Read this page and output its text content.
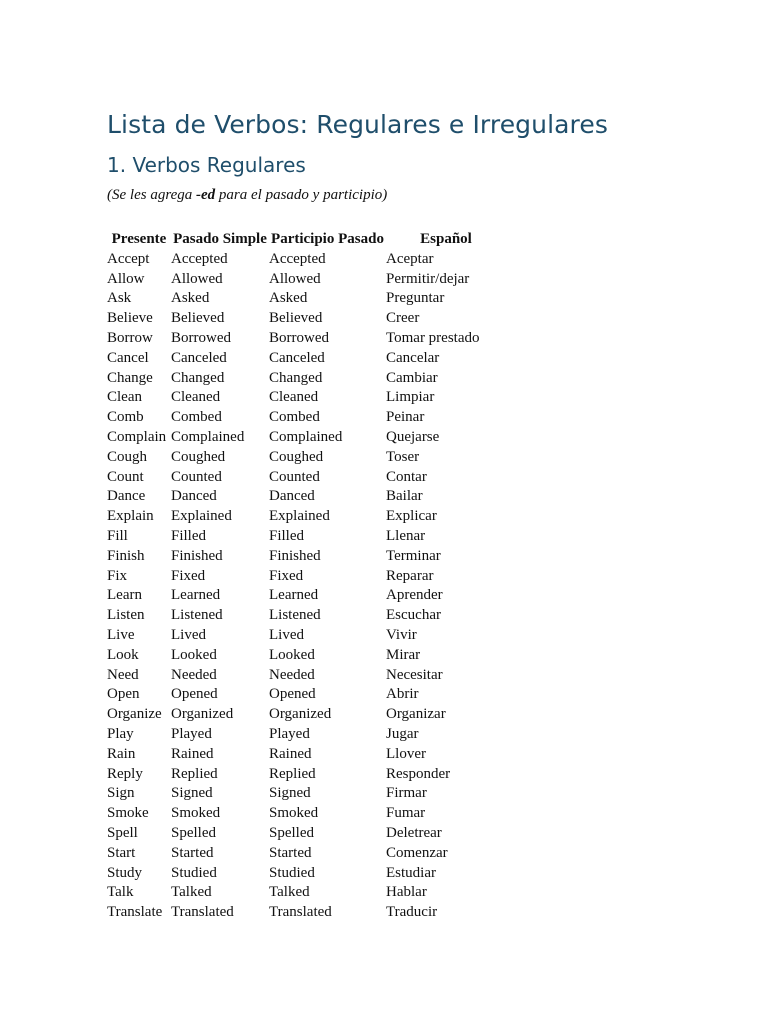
Lista de Verbos: Regulares e Irregulares
1. Verbos Regulares

(Se les agrega -ed para el pasado y participio)

Presente	Pasado Simple	Participio Pasado	Español
Accept	Accepted	Accepted	Aceptar
Allow	Allowed	Allowed	Permitir/dejar
Ask	Asked	Asked	Preguntar
Believe	Believed	Believed	Creer
Borrow	Borrowed	Borrowed	Tomar prestado
Cancel	Canceled	Canceled	Cancelar
Change	Changed	Changed	Cambiar
Clean	Cleaned	Cleaned	Limpiar
Comb	Combed	Combed	Peinar
Complain	Complained	Complained	Quejarse
Cough	Coughed	Coughed	Toser
Count	Counted	Counted	Contar
Dance	Danced	Danced	Bailar
Explain	Explained	Explained	Explicar
Fill	Filled	Filled	Llenar
Finish	Finished	Finished	Terminar
Fix	Fixed	Fixed	Reparar
Learn	Learned	Learned	Aprender
Listen	Listened	Listened	Escuchar
Live	Lived	Lived	Vivir
Look	Looked	Looked	Mirar
Need	Needed	Needed	Necesitar
Open	Opened	Opened	Abrir
Organize	Organized	Organized	Organizar
Play	Played	Played	Jugar
Rain	Rained	Rained	Llover
Reply	Replied	Replied	Responder
Sign	Signed	Signed	Firmar
Smoke	Smoked	Smoked	Fumar
Spell	Spelled	Spelled	Deletrear
Start	Started	Started	Comenzar
Study	Studied	Studied	Estudiar
Talk	Talked	Talked	Hablar
Translate	Translated	Translated	Traducir
